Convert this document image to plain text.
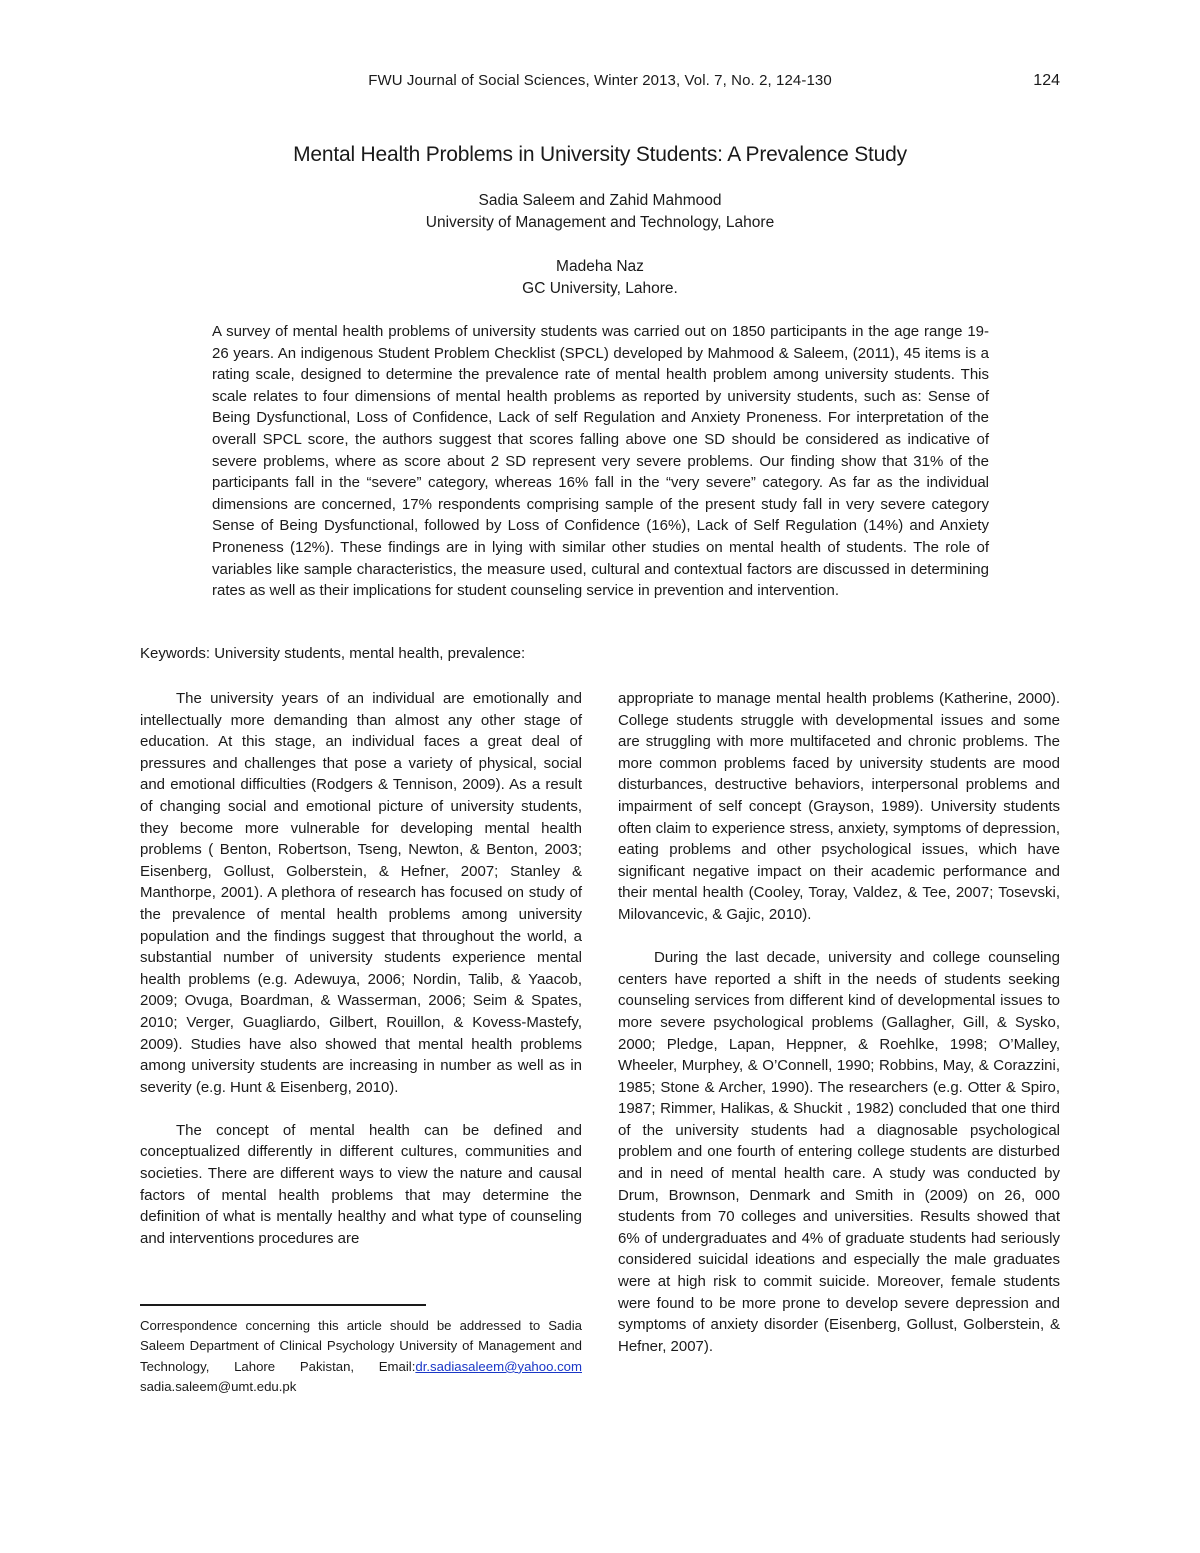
FWU Journal of Social Sciences, Winter 2013, Vol. 7, No. 2, 124-130	124
Mental Health Problems in University Students: A Prevalence Study
Sadia Saleem and Zahid Mahmood
University of Management and Technology, Lahore
Madeha Naz
GC University, Lahore.

A survey of mental health problems of university students was carried out on 1850 participants in the age range 19-26 years. An indigenous Student Problem Checklist (SPCL) developed by Mahmood & Saleem, (2011), 45 items is a rating scale, designed to determine the prevalence rate of mental health problem among university students. This scale relates to four dimensions of mental health problems as reported by university students, such as: Sense of Being Dysfunctional, Loss of Confidence, Lack of self Regulation and Anxiety Proneness. For interpretation of the overall SPCL score, the authors suggest that scores falling above one SD should be considered as indicative of severe problems, where as score about 2 SD represent very severe problems. Our finding show that 31% of the participants fall in the “severe” category, whereas 16% fall in the “very severe” category. As far as the individual dimensions are concerned, 17% respondents comprising sample of the present study fall in very severe category Sense of Being Dysfunctional, followed by Loss of Confidence (16%), Lack of Self Regulation (14%) and Anxiety Proneness (12%). These findings are in lying with similar other studies on mental health of students. The role of variables like sample characteristics, the measure used, cultural and contextual factors are discussed in determining rates as well as their implications for student counseling service in prevention and intervention.

Keywords: University students, mental health, prevalence:

The university years of an individual are emotionally and intellectually more demanding than almost any other stage of education. At this stage, an individual faces a great deal of pressures and challenges that pose a variety of physical, social and emotional difficulties (Rodgers & Tennison, 2009). As a result of changing social and emotional picture of university students, they become more vulnerable for developing mental health problems ( Benton, Robertson, Tseng, Newton, & Benton, 2003; Eisenberg, Gollust, Golberstein, & Hefner, 2007; Stanley & Manthorpe, 2001). A plethora of research has focused on study of the prevalence of mental health problems among university population and the findings suggest that throughout the world, a substantial number of university students experience mental health problems (e.g. Adewuya, 2006; Nordin, Talib, & Yaacob, 2009; Ovuga, Boardman, & Wasserman, 2006; Seim & Spates, 2010; Verger, Guagliardo, Gilbert, Rouillon, & Kovess-Mastefy, 2009). Studies have also showed that mental health problems among university students are increasing in number as well as in severity (e.g. Hunt & Eisenberg, 2010).

The concept of mental health can be defined and conceptualized differently in different cultures, communities and societies. There are different ways to view the nature and causal factors of mental health problems that may determine the definition of what is mentally healthy and what type of counseling and interventions procedures are

appropriate to manage mental health problems (Katherine, 2000). College students struggle with developmental issues and some are struggling with more multifaceted and chronic problems. The more common problems faced by university students are mood disturbances, destructive behaviors, interpersonal problems and impairment of self concept (Grayson, 1989). University students often claim to experience stress, anxiety, symptoms of depression, eating problems and other psychological issues, which have significant negative impact on their academic performance and their mental health (Cooley, Toray, Valdez, & Tee, 2007; Tosevski, Milovancevic, & Gajic, 2010).

During the last decade, university and college counseling centers have reported a shift in the needs of students seeking counseling services from different kind of developmental issues to more severe psychological problems (Gallagher, Gill, & Sysko, 2000; Pledge, Lapan, Heppner, & Roehlke, 1998; O’Malley, Wheeler, Murphey, & O’Connell, 1990; Robbins, May, & Corazzini, 1985; Stone & Archer, 1990). The researchers (e.g. Otter & Spiro, 1987; Rimmer, Halikas, & Shuckit , 1982) concluded that one third of the university students had a diagnosable psychological problem and one fourth of entering college students are disturbed and in need of mental health care. A study was conducted by Drum, Brownson, Denmark and Smith in (2009) on 26, 000 students from 70 colleges and universities. Results showed that 6% of undergraduates and 4% of graduate students had seriously considered suicidal ideations and especially the male graduates were at high risk to commit suicide. Moreover, female students were found to be more prone to develop severe depression and symptoms of anxiety disorder (Eisenberg, Gollust, Golberstein, & Hefner, 2007).

Correspondence concerning this article should be addressed to Sadia Saleem Department of Clinical Psychology University of Management and Technology, Lahore Pakistan, Email:dr.sadiasaleem@yahoo.com sadia.saleem@umt.edu.pk
